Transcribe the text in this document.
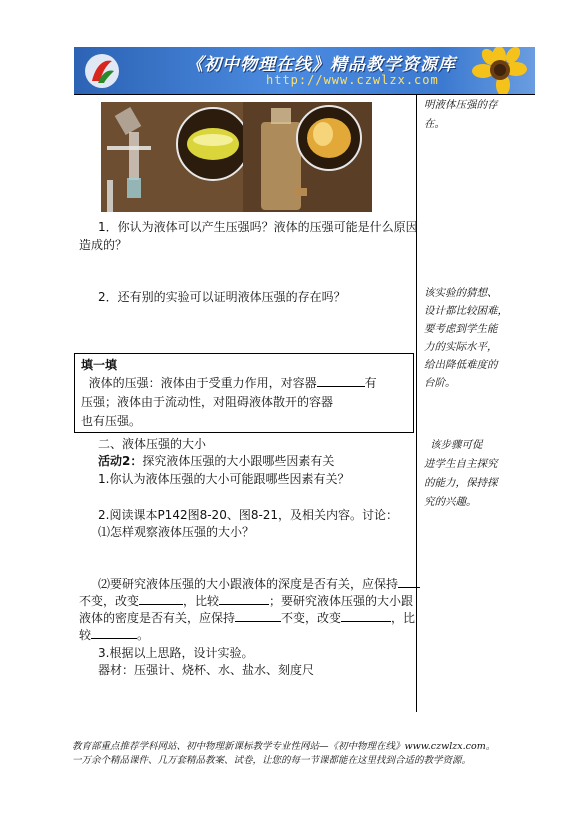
《初中物理在线》精品教学资源库
http://www.czwlzx.com
明液体压强的存
在。
1．你认为液体可以产生压强吗？液体的压强可能是什么原因
造成的？
2．还有别的实验可以证明液体压强的存在吗？	该实验的猜想、
设计都比较困难，
要考虑到学生能
力的实际水平，
给出降低难度的
台阶。
填一填
液体的压强：液体由于受重力作用，对容器	有
压强；液体由于流动性，对阻碍液体散开的容器
也有压强。
二、液体压强的大小
活动2：探究液体压强的大小跟哪些因素有关
1.你认为液体压强的大小可能跟哪些因素有关？
该步骤可促
进学生自主探究
的能力，保持探
究的兴趣。
2.阅读课本P142图8-20、图8-21，及相关内容。讨论：
⑴怎样观察液体压强的大小？
⑵要研究液体压强的大小跟液体的深度是否有关，应保持
不变，改变	，比较	；要研究液体压强的大小跟
液体的密度是否有关，应保持	不变，改变	，比
较	。
3.根据以上思路，设计实验。
器材：压强计、烧杯、水、盐水、刻度尺
教育部重点推荐学科网站、初中物理新课标教学专业性网站—《初中物理在线》www.czwlzx.com。
一万余个精品课件、几万套精品教案、试卷，让您的每一节课都能在这里找到合适的教学资源。
